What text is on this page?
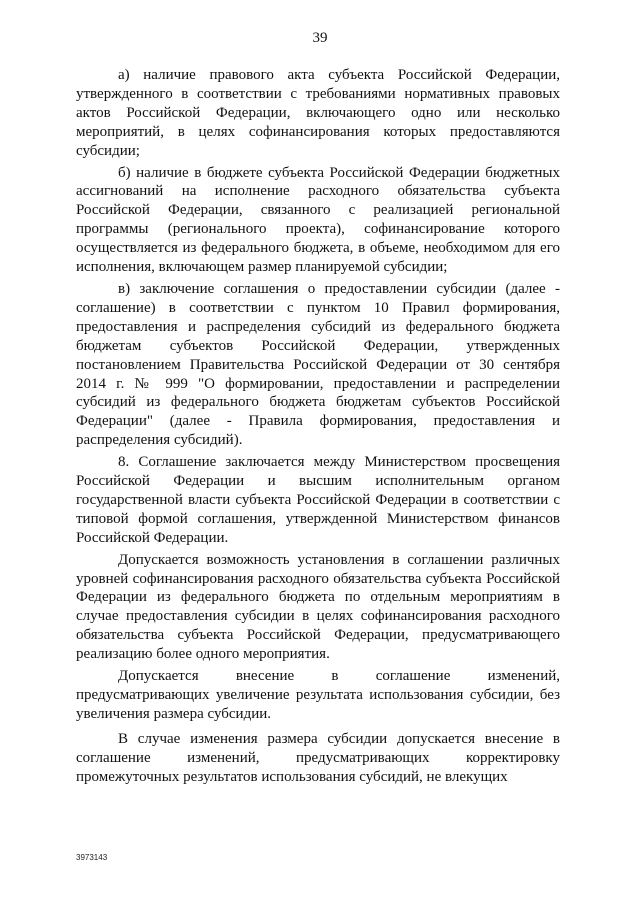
39

а) наличие правового акта субъекта Российской Федерации, утвержденного в соответствии с требованиями нормативных правовых актов Российской Федерации, включающего одно или несколько мероприятий, в целях софинансирования которых предоставляются субсидии;

б) наличие в бюджете субъекта Российской Федерации бюджетных ассигнований на исполнение расходного обязательства субъекта Российской Федерации, связанного с реализацией региональной программы (регионального проекта), софинансирование которого осуществляется из федерального бюджета, в объеме, необходимом для его исполнения, включающем размер планируемой субсидии;

в) заключение соглашения о предоставлении субсидии (далее - соглашение) в соответствии с пунктом 10 Правил формирования, предоставления и распределения субсидий из федерального бюджета бюджетам субъектов Российской Федерации, утвержденных постановлением Правительства Российской Федерации от 30 сентября 2014 г. № 999 "О формировании, предоставлении и распределении субсидий из федерального бюджета бюджетам субъектов Российской Федерации" (далее - Правила формирования, предоставления и распределения субсидий).

8. Соглашение заключается между Министерством просвещения Российской Федерации и высшим исполнительным органом государственной власти субъекта Российской Федерации в соответствии с типовой формой соглашения, утвержденной Министерством финансов Российской Федерации.

Допускается возможность установления в соглашении различных уровней софинансирования расходного обязательства субъекта Российской Федерации из федерального бюджета по отдельным мероприятиям в случае предоставления субсидии в целях софинансирования расходного обязательства субъекта Российской Федерации, предусматривающего реализацию более одного мероприятия.

Допускается внесение в соглашение изменений, предусматривающих увеличение результата использования субсидии, без увеличения размера субсидии.

В случае изменения размера субсидии допускается внесение в соглашение изменений, предусматривающих корректировку промежуточных результатов использования субсидий, не влекущих

3973143
